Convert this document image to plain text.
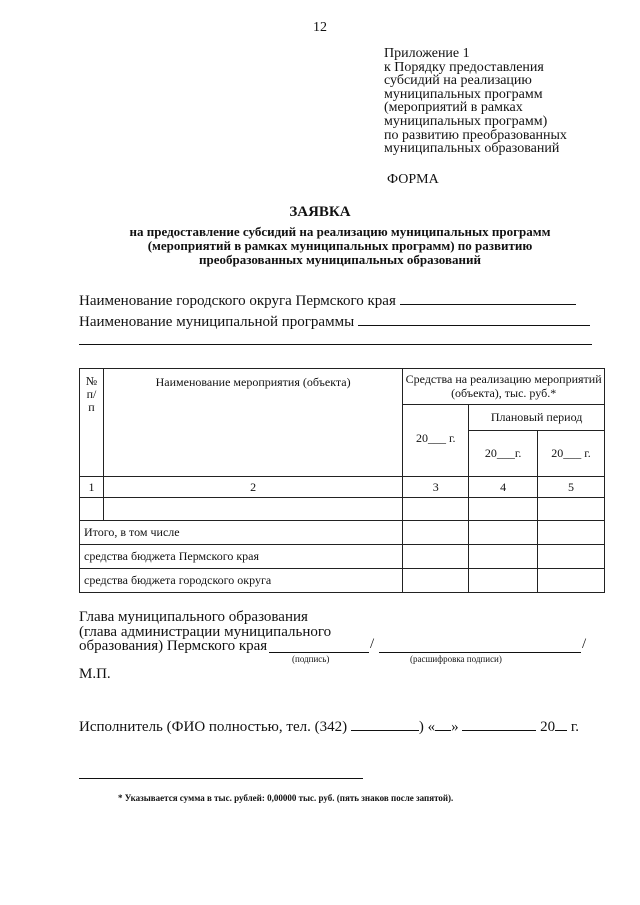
12
Приложение 1
к Порядку предоставления
субсидий на реализацию
муниципальных программ
(мероприятий в рамках
муниципальных программ)
по развитию преобразованных
муниципальных образований
ФОРМА
ЗАЯВКА
на предоставление субсидий на реализацию муниципальных программ
(мероприятий в рамках муниципальных программ) по развитию
преобразованных муниципальных образований
Наименование городского округа Пермского края
Наименование муниципальной программы
№ п/п	Наименование мероприятия (объекта)	Средства на реализацию мероприятий (объекта), тыс. руб.*		
		20___ г.	Плановый период	
			20___г.	20___ г.
1	2	3	4	5

Итого, в том числе				
средства бюджета Пермского края				
средства бюджета городского округа				
Глава муниципального образования
(глава администрации муниципального
образования) Пермского края	/	/
(подпись)	(расшифровка подписи)
М.П.
Исполнитель (ФИО полностью, тел. (342)	) « »	20 г.
* Указывается сумма в тыс. рублей: 0,00000 тыс. руб. (пять знаков после запятой).
